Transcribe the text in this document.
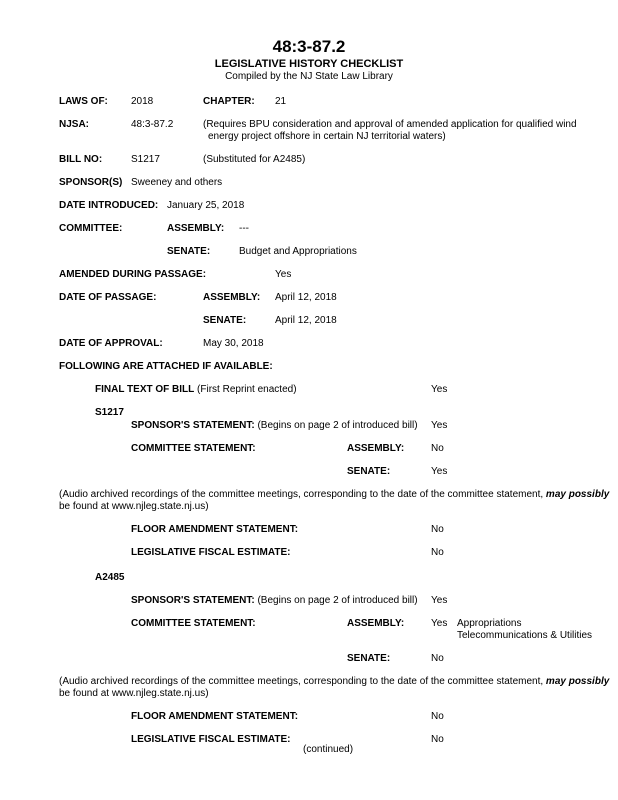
48:3-87.2
LEGISLATIVE HISTORY CHECKLIST
Compiled by the NJ State Law Library
LAWS OF: 2018	CHAPTER: 21
NJSA:	48:3-87.2	(Requires BPU consideration and approval of amended application for qualified wind
energy project offshore in certain NJ territorial waters)
BILL NO:	S1217	(Substituted for A2485)
SPONSOR(S) Sweeney and others
DATE INTRODUCED: January 25, 2018
COMMITTEE:	ASSEMBLY: ---
SENATE:	Budget and Appropriations
AMENDED DURING PASSAGE:	Yes
DATE OF PASSAGE:	ASSEMBLY: April 12, 2018
SENATE:	April 12, 2018
DATE OF APPROVAL:	May 30, 2018
FOLLOWING ARE ATTACHED IF AVAILABLE:
FINAL TEXT OF BILL (First Reprint enacted)	Yes
S1217
SPONSOR'S STATEMENT: (Begins on page 2 of introduced bill) Yes
COMMITTEE STATEMENT:	ASSEMBLY:	No
SENATE:	Yes
(Audio archived recordings of the committee meetings, corresponding to the date of the committee statement, may possibly
be found at www.njleg.state.nj.us)
FLOOR AMENDMENT STATEMENT:	No
LEGISLATIVE FISCAL ESTIMATE:	No
A2485
SPONSOR'S STATEMENT: (Begins on page 2 of introduced bill) Yes
COMMITTEE STATEMENT:	ASSEMBLY:	Yes Appropriations
Telecommunications & Utilities
SENATE:	No
(Audio archived recordings of the committee meetings, corresponding to the date of the committee statement, may possibly
be found at www.njleg.state.nj.us)
FLOOR AMENDMENT STATEMENT:	No
LEGISLATIVE FISCAL ESTIMATE:	No
(continued)
